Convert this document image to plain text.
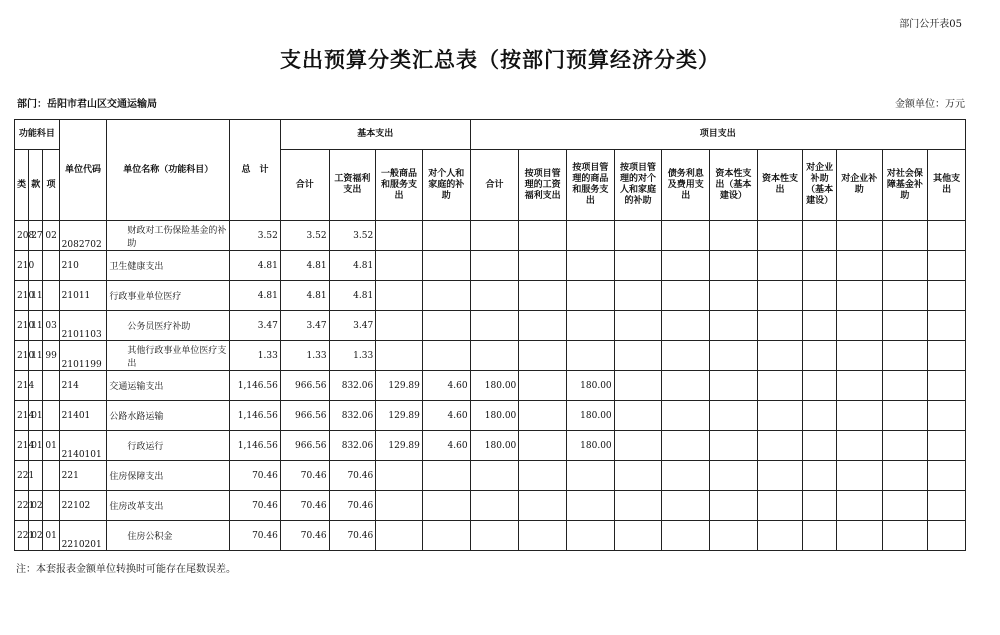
部门公开表05
支出预算分类汇总表（按部门预算经济分类）
部门：岳阳市君山区交通运输局	金额单位：万元
功能科目			单位代码	单位名称（功能科目）	总　计	基本支出				项目支出										
类	款	项				合计	工资福利支出	一般商品和服务支出	对个人和家庭的补助	合计	按项目管理的工资福利支出	按项目管理的商品和服务支出	按项目管理的对个人和家庭的补助	债务利息及费用支出	资本性支出（基本建设）	资本性支出	对企业补助（基本建设）	对企业补助	对社会保障基金补助	其他支出
208	27	02	2082702	财政对工伤保险基金的补助	3.52	3.52	3.52													
210			210	卫生健康支出	4.81	4.81	4.81													
210	11		21011	行政事业单位医疗	4.81	4.81	4.81													
210	11	03	2101103	公务员医疗补助	3.47	3.47	3.47													
210	11	99	2101199	其他行政事业单位医疗支出	1.33	1.33	1.33													
214			214	交通运输支出	1,146.56	966.56	832.06	129.89	4.60	180.00		180.00								
214	01		21401	公路水路运输	1,146.56	966.56	832.06	129.89	4.60	180.00		180.00								
214	01	01	2140101	行政运行	1,146.56	966.56	832.06	129.89	4.60	180.00		180.00								
221			221	住房保障支出	70.46	70.46	70.46													
221	02		22102	住房改革支出	70.46	70.46	70.46													
221	02	01	2210201	住房公积金	70.46	70.46	70.46													
注：本套报表金额单位转换时可能存在尾数误差。
